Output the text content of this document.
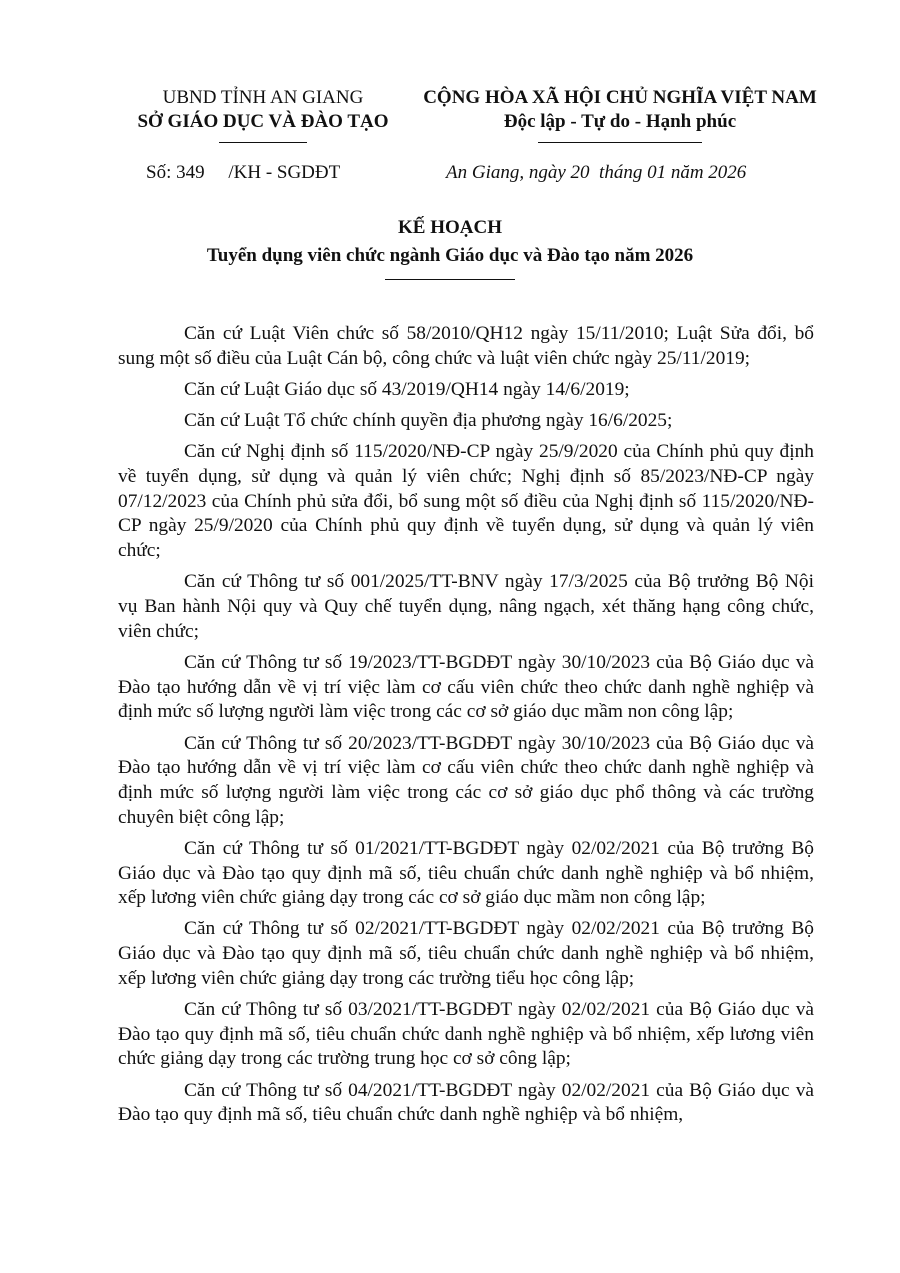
UBND TỈNH AN GIANG
SỞ GIÁO DỤC VÀ ĐÀO TẠO
CỘNG HÒA XÃ HỘI CHỦ NGHĨA VIỆT NAM
Độc lập - Tự do - Hạnh phúc
Số: 349     /KH - SGDĐT	An Giang, ngày 20  tháng 01 năm 2026
KẾ HOẠCH
Tuyển dụng viên chức ngành Giáo dục và Đào tạo năm 2026

Căn cứ Luật Viên chức số 58/2010/QH12 ngày 15/11/2010; Luật Sửa đổi, bổ sung một số điều của Luật Cán bộ, công chức và luật viên chức ngày 25/11/2019;

Căn cứ Luật Giáo dục số 43/2019/QH14 ngày 14/6/2019;

Căn cứ Luật Tổ chức chính quyền địa phương ngày 16/6/2025;

Căn cứ Nghị định số 115/2020/NĐ-CP ngày 25/9/2020 của Chính phủ quy định về tuyển dụng, sử dụng và quản lý viên chức; Nghị định số 85/2023/NĐ-CP ngày 07/12/2023 của Chính phủ sửa đổi, bổ sung một số điều của Nghị định số 115/2020/NĐ-CP ngày 25/9/2020 của Chính phủ quy định về tuyển dụng, sử dụng và quản lý viên chức;

Căn cứ Thông tư số 001/2025/TT-BNV ngày 17/3/2025 của Bộ trưởng Bộ Nội vụ Ban hành Nội quy và Quy chế tuyển dụng, nâng ngạch, xét thăng hạng công chức, viên chức;

Căn cứ Thông tư số 19/2023/TT-BGDĐT ngày 30/10/2023 của Bộ Giáo dục và Đào tạo hướng dẫn về vị trí việc làm cơ cấu viên chức theo chức danh nghề nghiệp và định mức số lượng người làm việc trong các cơ sở giáo dục mầm non công lập;

Căn cứ Thông tư số 20/2023/TT-BGDĐT ngày 30/10/2023 của Bộ Giáo dục và Đào tạo hướng dẫn về vị trí việc làm cơ cấu viên chức theo chức danh nghề nghiệp và định mức số lượng người làm việc trong các cơ sở giáo dục phổ thông và các trường chuyên biệt công lập;

Căn cứ Thông tư số 01/2021/TT-BGDĐT ngày 02/02/2021 của Bộ trưởng Bộ Giáo dục và Đào tạo quy định mã số, tiêu chuẩn chức danh nghề nghiệp và bổ nhiệm, xếp lương viên chức giảng dạy trong các cơ sở giáo dục mầm non công lập;

Căn cứ Thông tư số 02/2021/TT-BGDĐT ngày 02/02/2021 của Bộ trưởng Bộ Giáo dục và Đào tạo quy định mã số, tiêu chuẩn chức danh nghề nghiệp và bổ nhiệm, xếp lương viên chức giảng dạy trong các trường tiểu học công lập;

Căn cứ Thông tư số 03/2021/TT-BGDĐT ngày 02/02/2021 của Bộ Giáo dục và Đào tạo quy định mã số, tiêu chuẩn chức danh nghề nghiệp và bổ nhiệm, xếp lương viên chức giảng dạy trong các trường trung học cơ sở công lập;

Căn cứ Thông tư số 04/2021/TT-BGDĐT ngày 02/02/2021 của Bộ Giáo dục và Đào tạo quy định mã số, tiêu chuẩn chức danh nghề nghiệp và bổ nhiệm,
